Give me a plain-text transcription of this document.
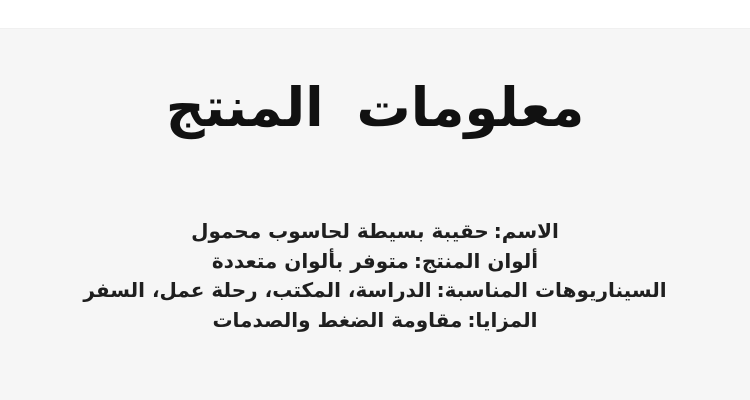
معلومات المنتج
الاسم:حقيبة بسيطة لحاسوب محمول
ألوان المنتج:متوفر بألوان متعددة
السيناريوهات المناسبة:الدراسة، المكتب، رحلة عمل، السفر
المزايا:مقاومة الضغط والصدمات
